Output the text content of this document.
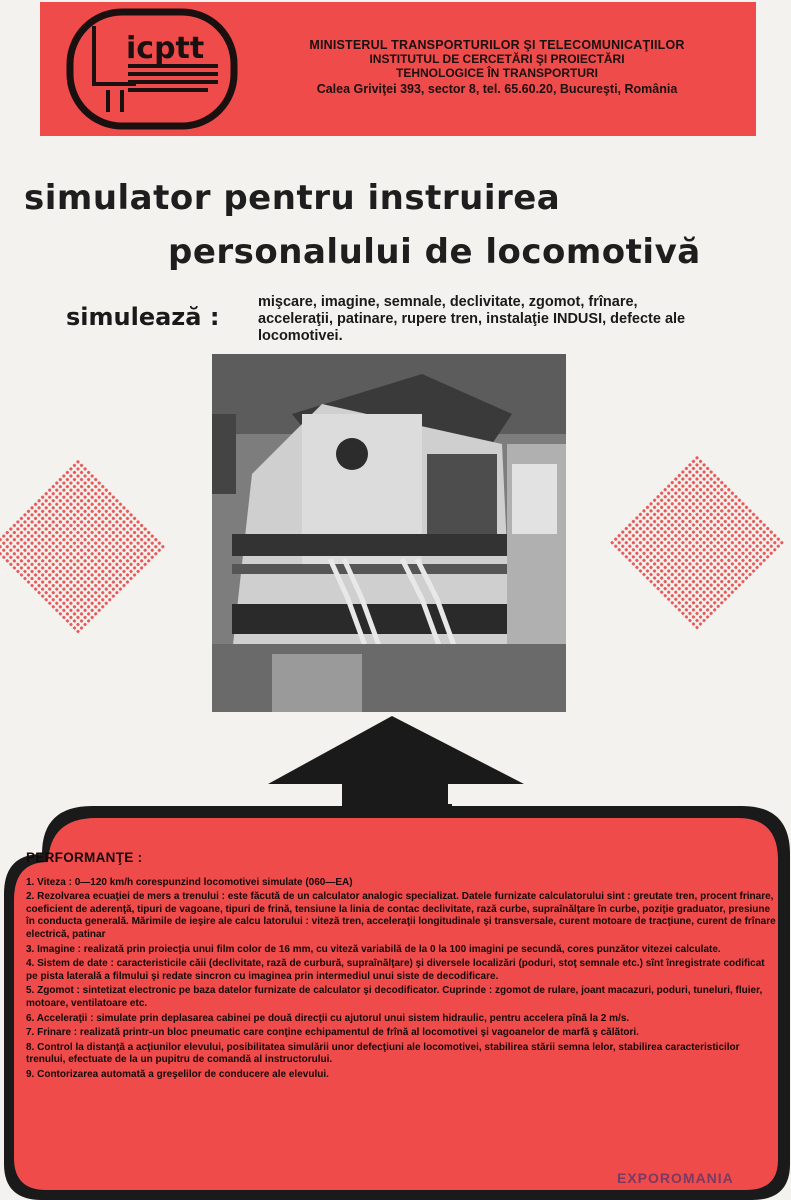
icptt	MINISTERUL TRANSPORTURILOR ŞI TELECOMUNICAŢIILOR
INSTITUTUL DE CERCETĂRI ŞI PROIECTĂRI
TEHNOLOGICE ÎN TRANSPORTURI
Calea Griviţei 393, sector 8, tel. 65.60.20, Bucureşti, România
simulator pentru instruirea
personalului de locomotivă
simulează :
mişcare, imagine, semnale, declivitate, zgomot, frînare, acceleraţii, patinare, rupere tren, instalaţie INDUSI, defecte ale locomotivei.
PERFORMANŢE :
1. Viteza : 0—120 km/h corespunzind locomotivei simulate (060—EA)
2. Rezolvarea ecuaţiei de mers a trenului : este făcută de un calculator analogic specializat. Datele furnizate calculatorului sint : greutate tren, procent frinare, coeficient de aderenţă, tipuri de vagoane, tipuri de frină, tensiune la linia de contac declivitate, rază curbe, supraînălţare în curbe, poziţie graduator, presiune în conducta generală. Mărimile de ieşire ale calcu latorului : viteză tren, acceleraţii longitudinale şi transversale, curent motoare de tracţiune, curent de frînare electrică, patinar
3. Imagine : realizată prin proiecţia unui film color de 16 mm, cu viteză variabilă de la 0 la 100 imagini pe secundă, cores punzător vitezei calculate.
4. Sistem de date : caracteristicile căii (declivitate, rază de curbură, supraînălţare) şi diversele localizări (poduri, stoţ semnale etc.) sînt înregistrate codificat pe pista laterală a filmului şi redate sincron cu imaginea prin intermediul unui siste de decodificare.
5. Zgomot : sintetizat electronic pe baza datelor furnizate de calculator şi decodificator. Cuprinde : zgomot de rulare, joant macazuri, poduri, tuneluri, fluier, motoare, ventilatoare etc.
6. Acceleraţii : simulate prin deplasarea cabinei pe două direcţii cu ajutorul unui sistem hidraulic, pentru accelera pînă la 2 m/s.
7. Frinare : realizată printr-un bloc pneumatic care conţine echipamentul de frînă al locomotivei şi vagoanelor de marfă ş călători.
8. Control la distanţă a acţiunilor elevului, posibilitatea simulării unor defecţiuni ale locomotivei, stabilirea stării semna lelor, stabilirea caracteristicilor trenului, efectuate de la un pupitru de comandă al instructorului.
9. Contorizarea automată a greşelilor de conducere ale elevului.
EXPOROMANIA
